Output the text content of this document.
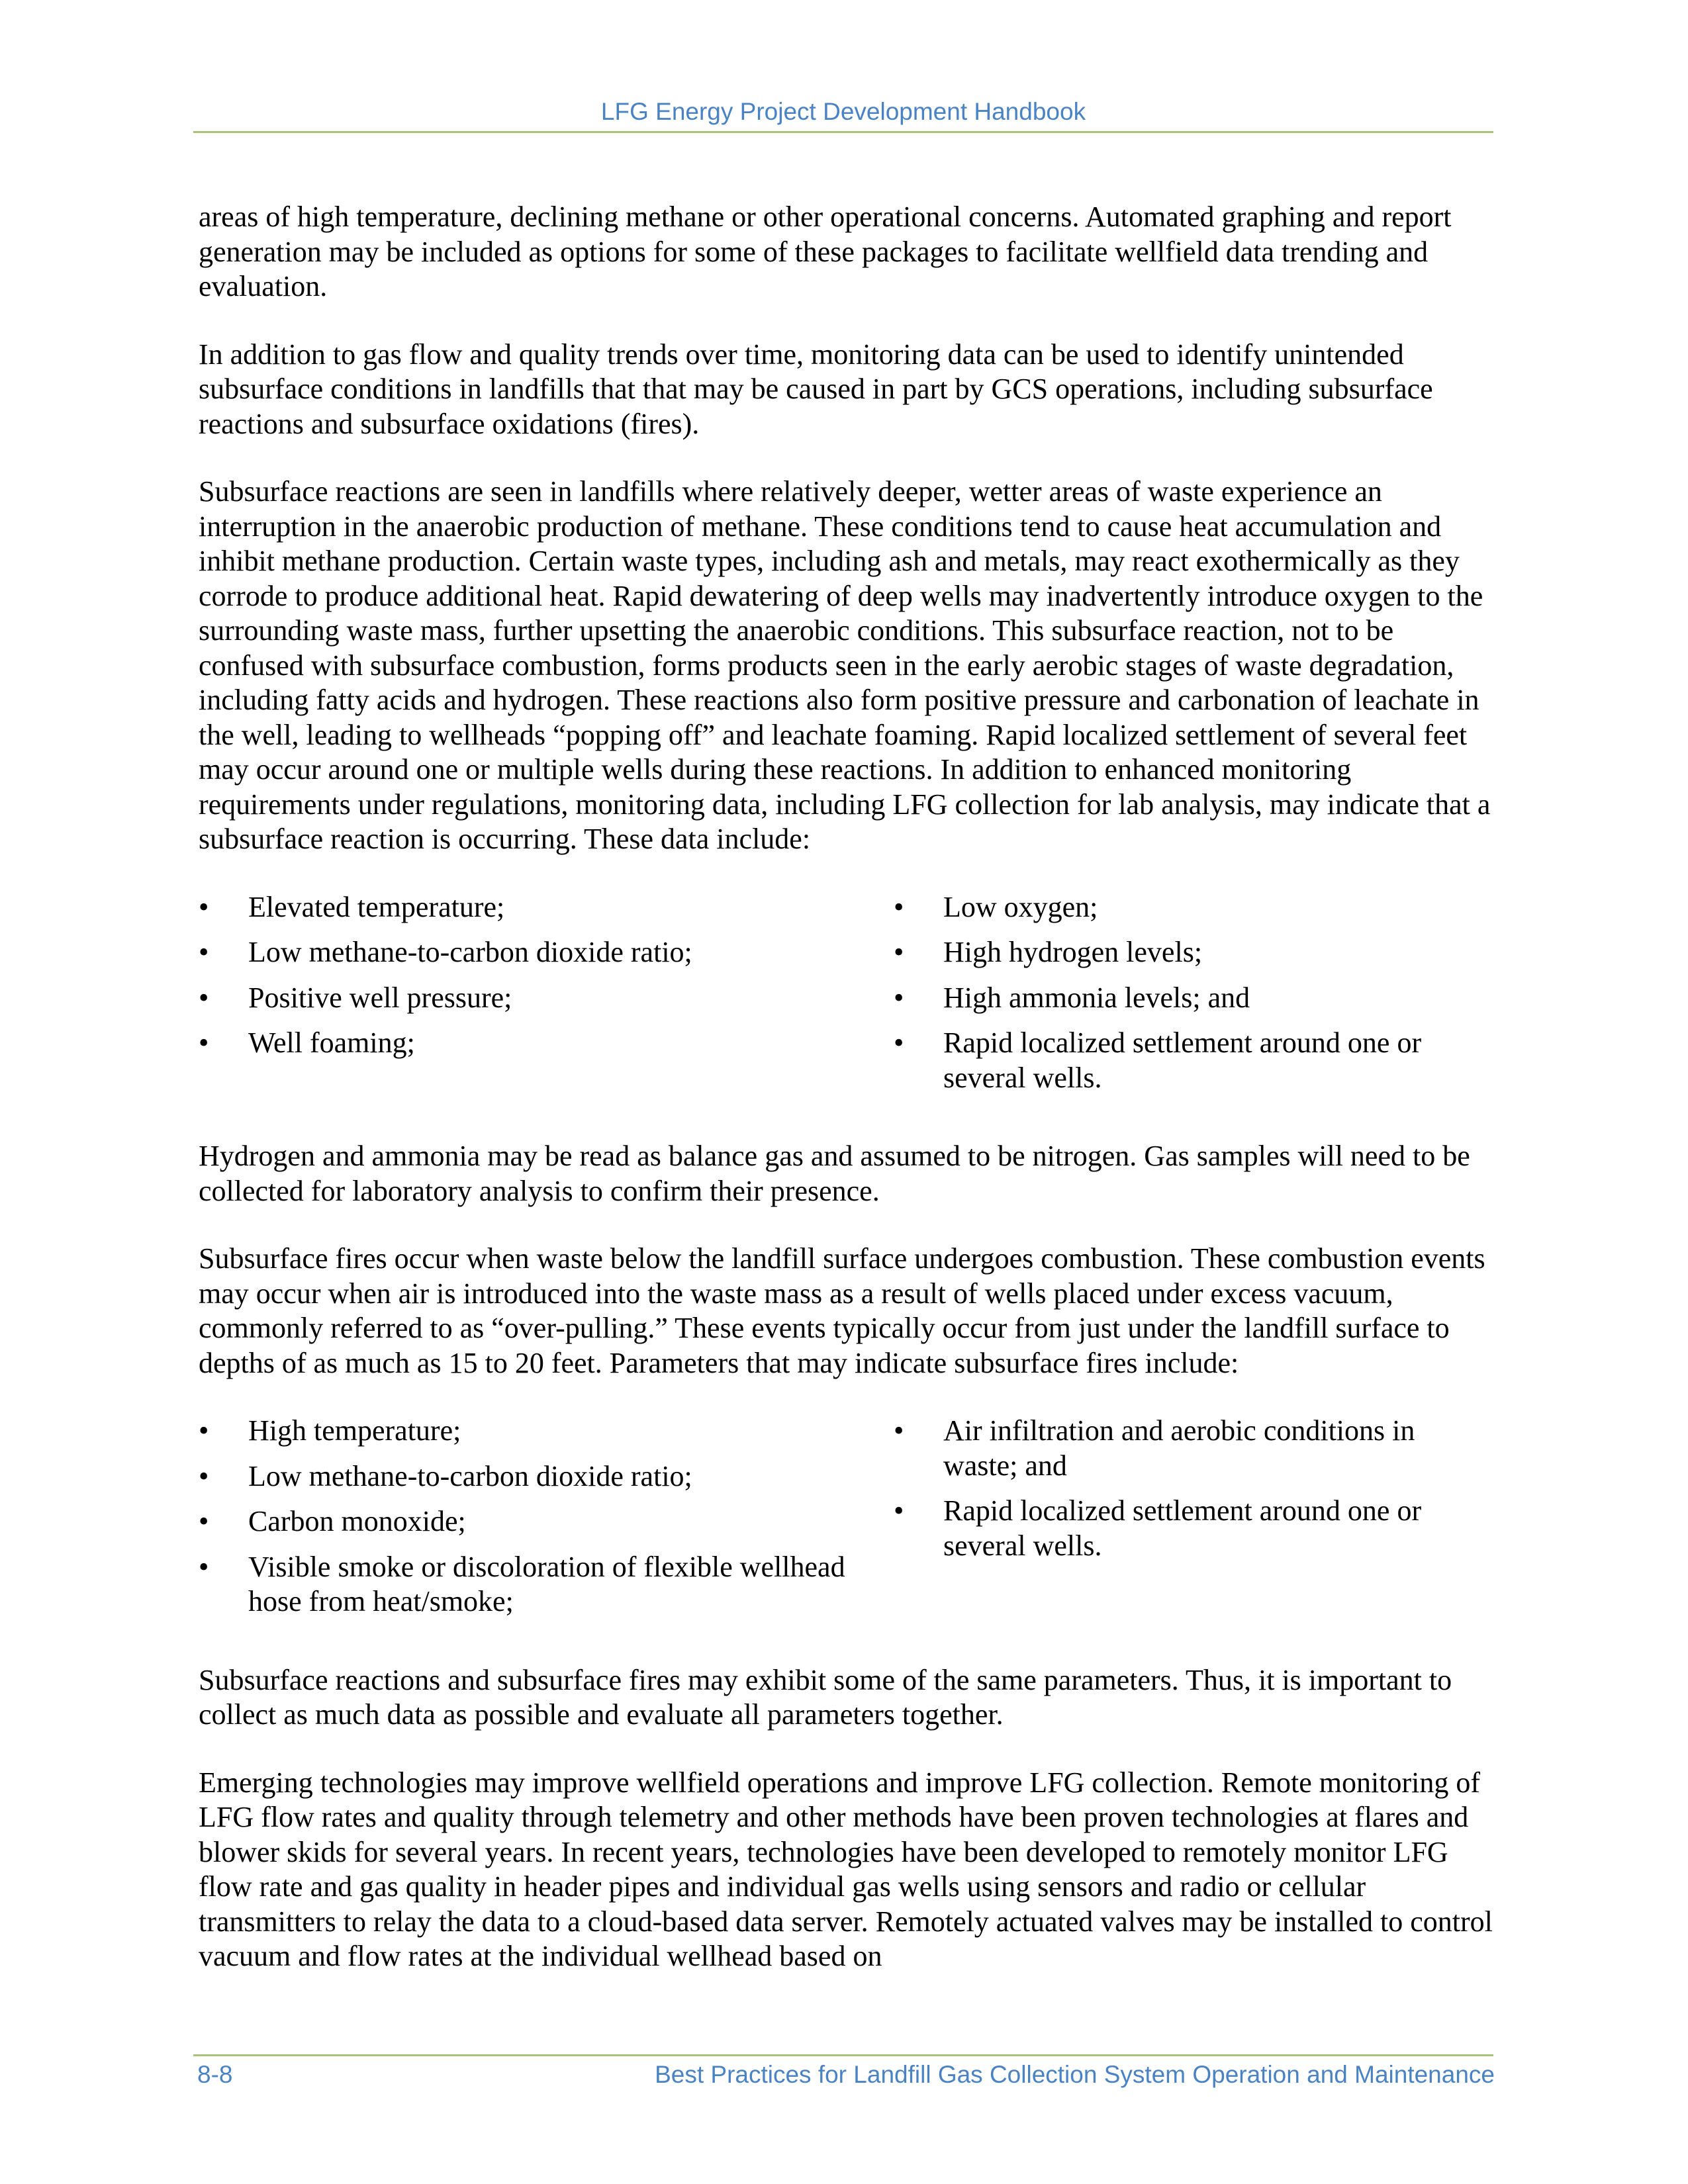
LFG Energy Project Development Handbook

areas of high temperature, declining methane or other operational concerns. Automated graphing and report generation may be included as options for some of these packages to facilitate wellfield data trending and evaluation.

In addition to gas flow and quality trends over time, monitoring data can be used to identify unintended subsurface conditions in landfills that that may be caused in part by GCS operations, including subsurface reactions and subsurface oxidations (fires).

Subsurface reactions are seen in landfills where relatively deeper, wetter areas of waste experience an interruption in the anaerobic production of methane. These conditions tend to cause heat accumulation and inhibit methane production. Certain waste types, including ash and metals, may react exothermically as they corrode to produce additional heat. Rapid dewatering of deep wells may inadvertently introduce oxygen to the surrounding waste mass, further upsetting the anaerobic conditions. This subsurface reaction, not to be confused with subsurface combustion, forms products seen in the early aerobic stages of waste degradation, including fatty acids and hydrogen. These reactions also form positive pressure and carbonation of leachate in the well, leading to wellheads “popping off” and leachate foaming. Rapid localized settlement of several feet may occur around one or multiple wells during these reactions. In addition to enhanced monitoring requirements under regulations, monitoring data, including LFG collection for lab analysis, may indicate that a subsurface reaction is occurring. These data include:

•	Elevated temperature;
•	Low methane-to-carbon dioxide ratio;
•	Positive well pressure;
•	Well foaming;
•	Low oxygen;
•	High hydrogen levels;
•	High ammonia levels; and
•	Rapid localized settlement around one or several wells.

Hydrogen and ammonia may be read as balance gas and assumed to be nitrogen. Gas samples will need to be collected for laboratory analysis to confirm their presence.

Subsurface fires occur when waste below the landfill surface undergoes combustion. These combustion events may occur when air is introduced into the waste mass as a result of wells placed under excess vacuum, commonly referred to as “over-pulling.” These events typically occur from just under the landfill surface to depths of as much as 15 to 20 feet. Parameters that may indicate subsurface fires include:

•	High temperature;
•	Low methane-to-carbon dioxide ratio;
•	Carbon monoxide;
•	Visible smoke or discoloration of flexible wellhead hose from heat/smoke;
•	Air infiltration and aerobic conditions in waste; and
•	Rapid localized settlement around one or several wells.

Subsurface reactions and subsurface fires may exhibit some of the same parameters. Thus, it is important to collect as much data as possible and evaluate all parameters together.

Emerging technologies may improve wellfield operations and improve LFG collection. Remote monitoring of LFG flow rates and quality through telemetry and other methods have been proven technologies at flares and blower skids for several years. In recent years, technologies have been developed to remotely monitor LFG flow rate and gas quality in header pipes and individual gas wells using sensors and radio or cellular transmitters to relay the data to a cloud-based data server. Remotely actuated valves may be installed to control vacuum and flow rates at the individual wellhead based on

8-8	Best Practices for Landfill Gas Collection System Operation and Maintenance
